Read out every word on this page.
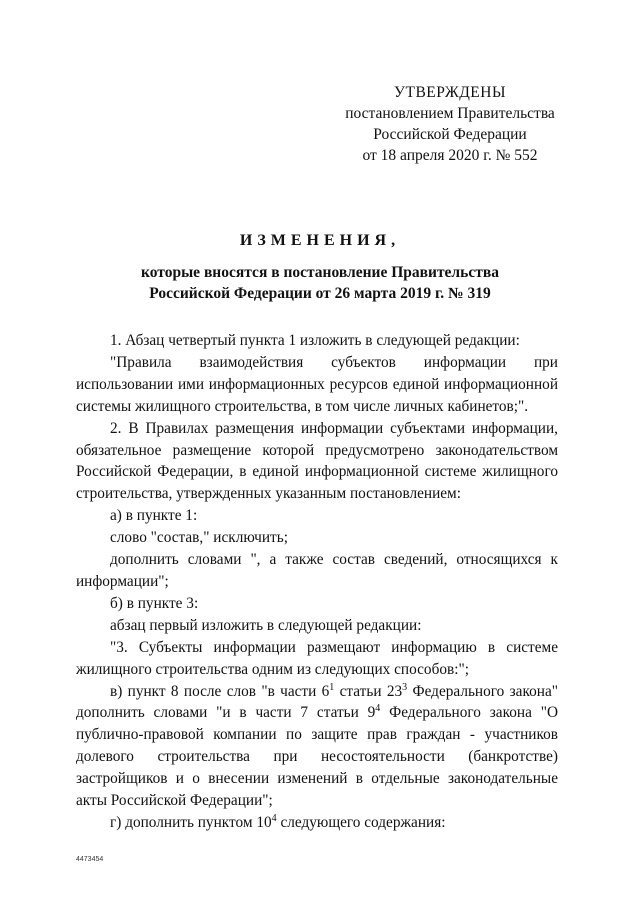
УТВЕРЖДЕНЫ
постановлением Правительства
Российской Федерации
от 18 апреля 2020 г. № 552
ИЗМЕНЕНИЯ,
которые вносятся в постановление Правительства
Российской Федерации от 26 марта 2019 г. № 319
1. Абзац четвертый пункта 1 изложить в следующей редакции:
"Правила взаимодействия субъектов информации при использовании ими информационных ресурсов единой информационной системы жилищного строительства, в том числе личных кабинетов;".
2. В Правилах размещения информации субъектами информации, обязательное размещение которой предусмотрено законодательством Российской Федерации, в единой информационной системе жилищного строительства, утвержденных указанным постановлением:
а) в пункте 1:
слово "состав," исключить;
дополнить словами ", а также состав сведений, относящихся к информации";
б) в пункте 3:
абзац первый изложить в следующей редакции:
"3. Субъекты информации размещают информацию в системе жилищного строительства одним из следующих способов:";
в) пункт 8 после слов "в части $6^1$ статьи $23^3$ Федерального закона" дополнить словами "и в части 7 статьи $9^4$ Федерального закона "О публично-правовой компании по защите прав граждан - участников долевого строительства при несостоятельности (банкротстве) застройщиков и о внесении изменений в отдельные законодательные акты Российской Федерации";
г) дополнить пунктом $10^4$ следующего содержания:
4473454
